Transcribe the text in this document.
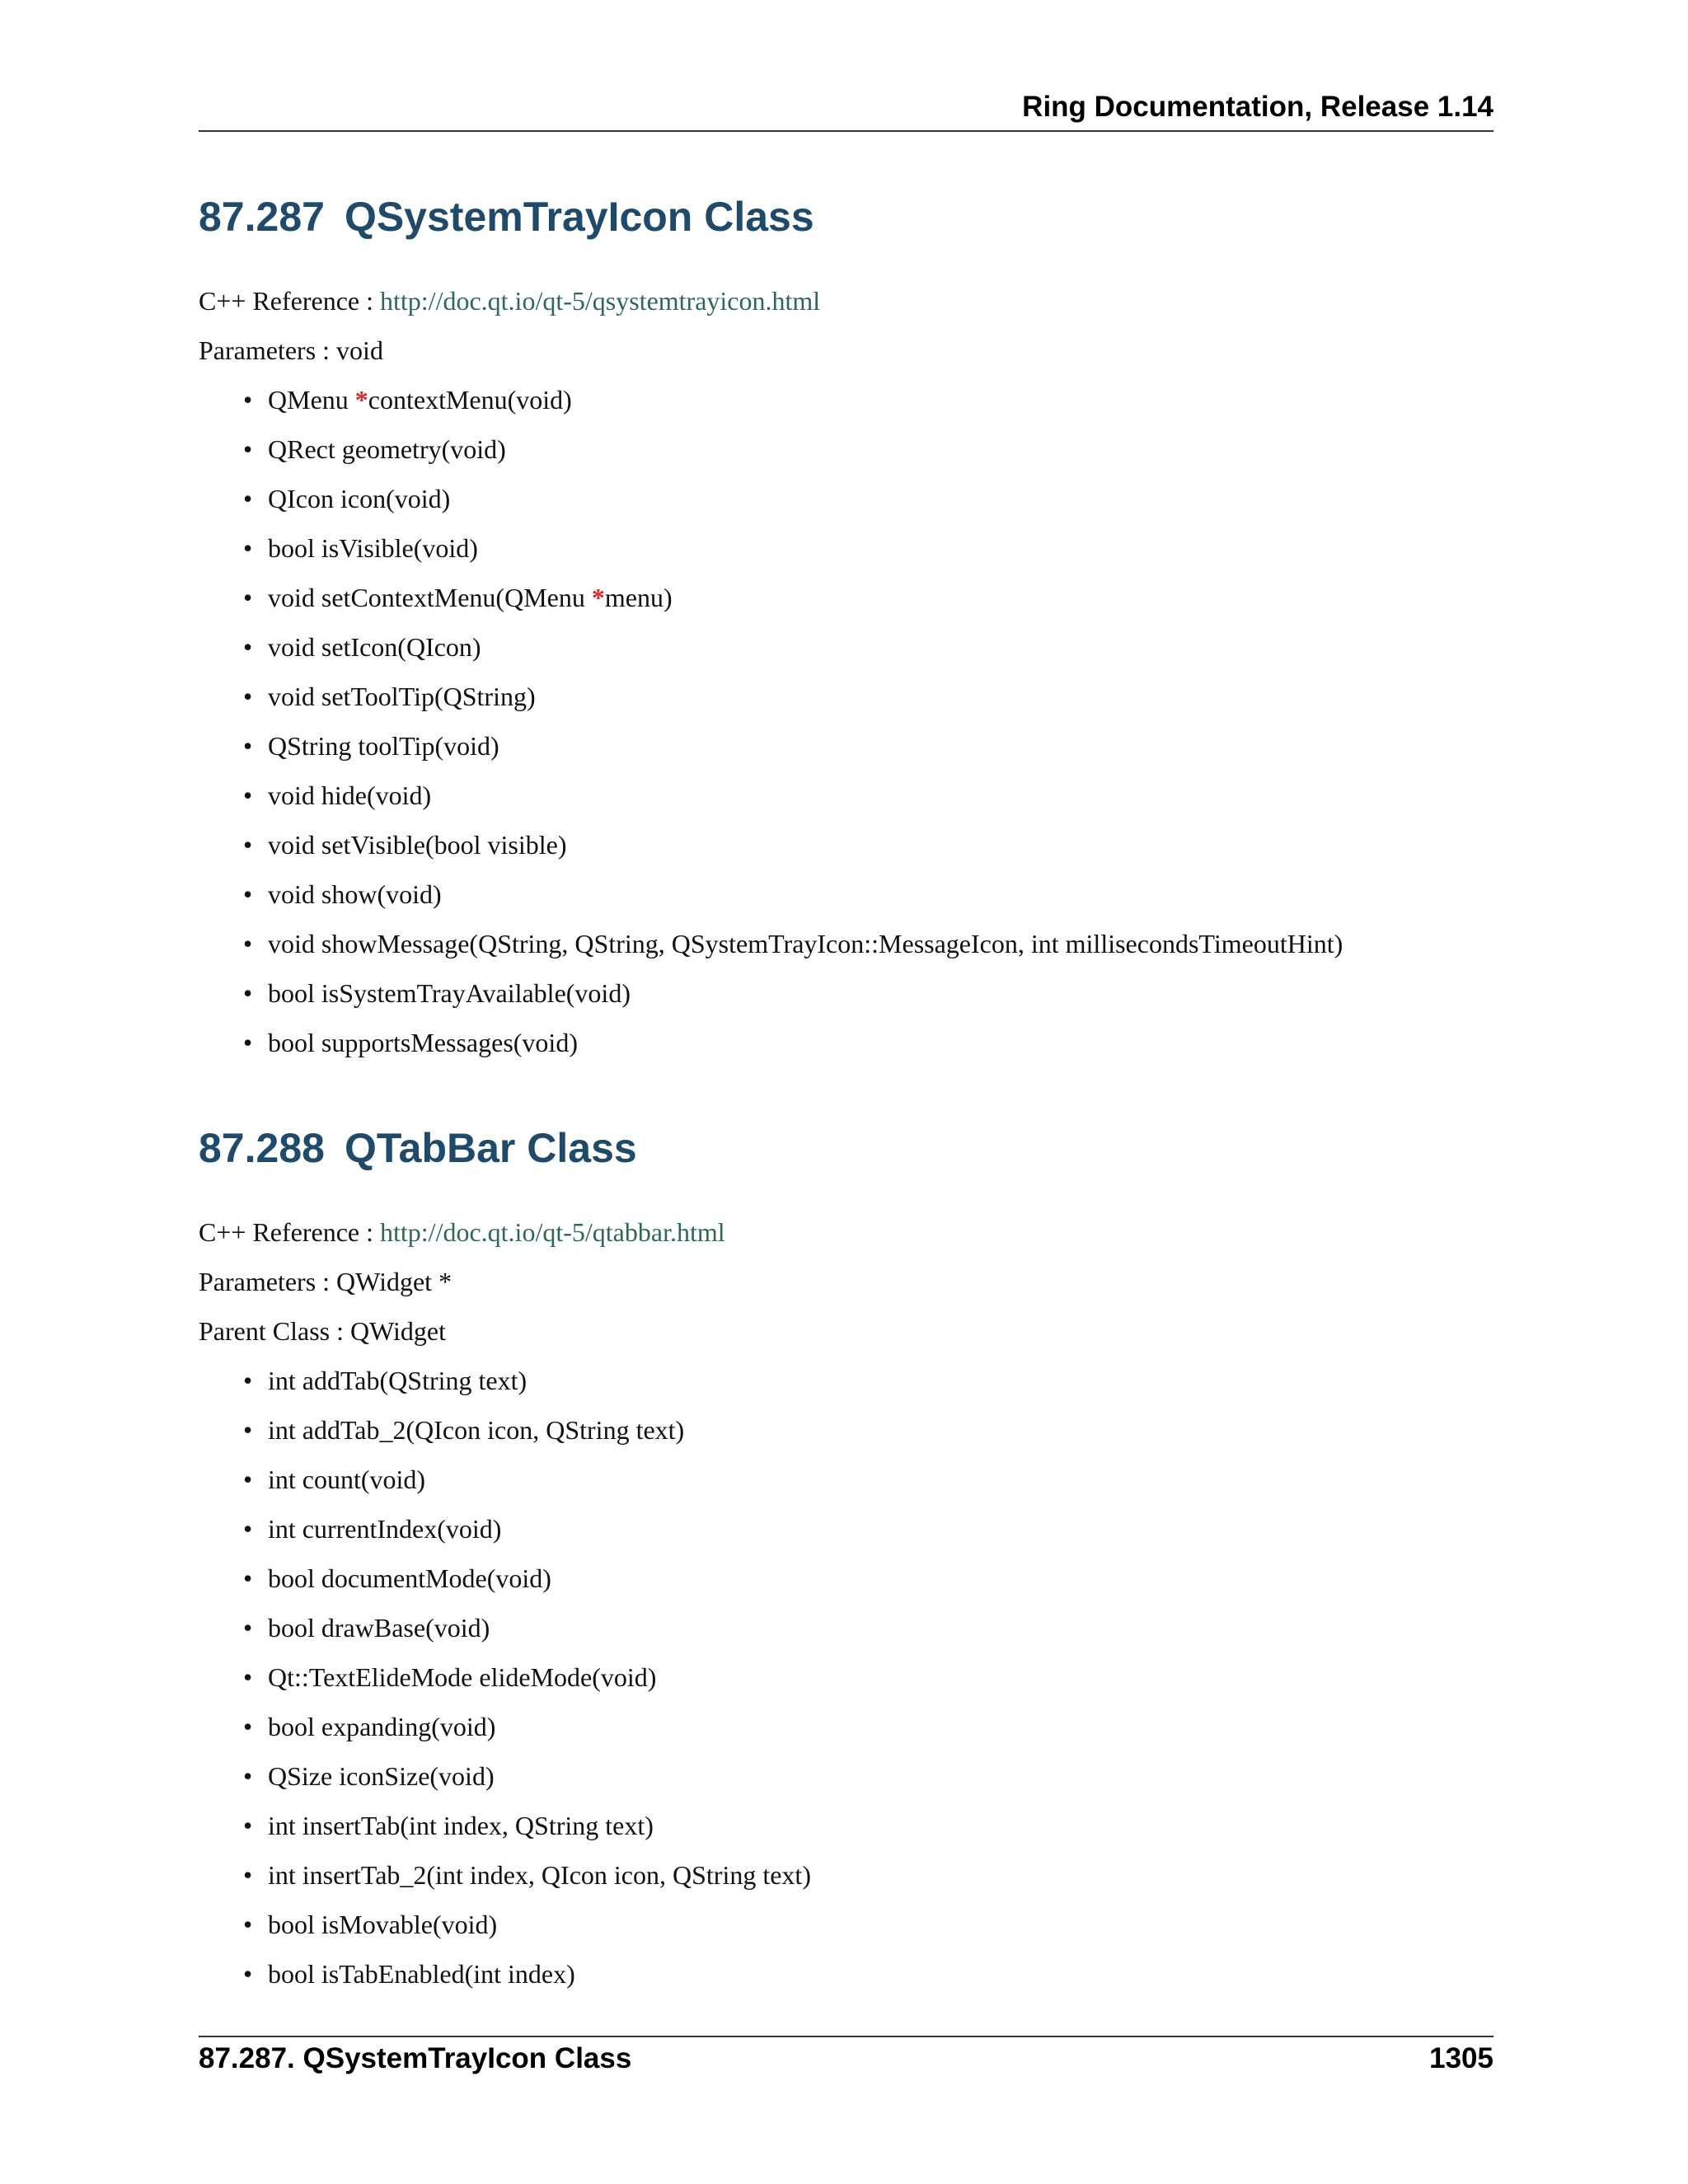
Ring Documentation, Release 1.14
87.287 QSystemTrayIcon Class

C++ Reference : http://doc.qt.io/qt-5/qsystemtrayicon.html

Parameters : void

• QMenu *contextMenu(void)
• QRect geometry(void)
• QIcon icon(void)
• bool isVisible(void)
• void setContextMenu(QMenu *menu)
• void setIcon(QIcon)
• void setToolTip(QString)
• QString toolTip(void)
• void hide(void)
• void setVisible(bool visible)
• void show(void)
• void showMessage(QString, QString, QSystemTrayIcon::MessageIcon, int millisecondsTimeoutHint)
• bool isSystemTrayAvailable(void)
• bool supportsMessages(void)
87.288 QTabBar Class

C++ Reference : http://doc.qt.io/qt-5/qtabbar.html

Parameters : QWidget *

Parent Class : QWidget

• int addTab(QString text)
• int addTab_2(QIcon icon, QString text)
• int count(void)
• int currentIndex(void)
• bool documentMode(void)
• bool drawBase(void)
• Qt::TextElideMode elideMode(void)
• bool expanding(void)
• QSize iconSize(void)
• int insertTab(int index, QString text)
• int insertTab_2(int index, QIcon icon, QString text)
• bool isMovable(void)
• bool isTabEnabled(int index)
87.287. QSystemTrayIcon Class	1305
